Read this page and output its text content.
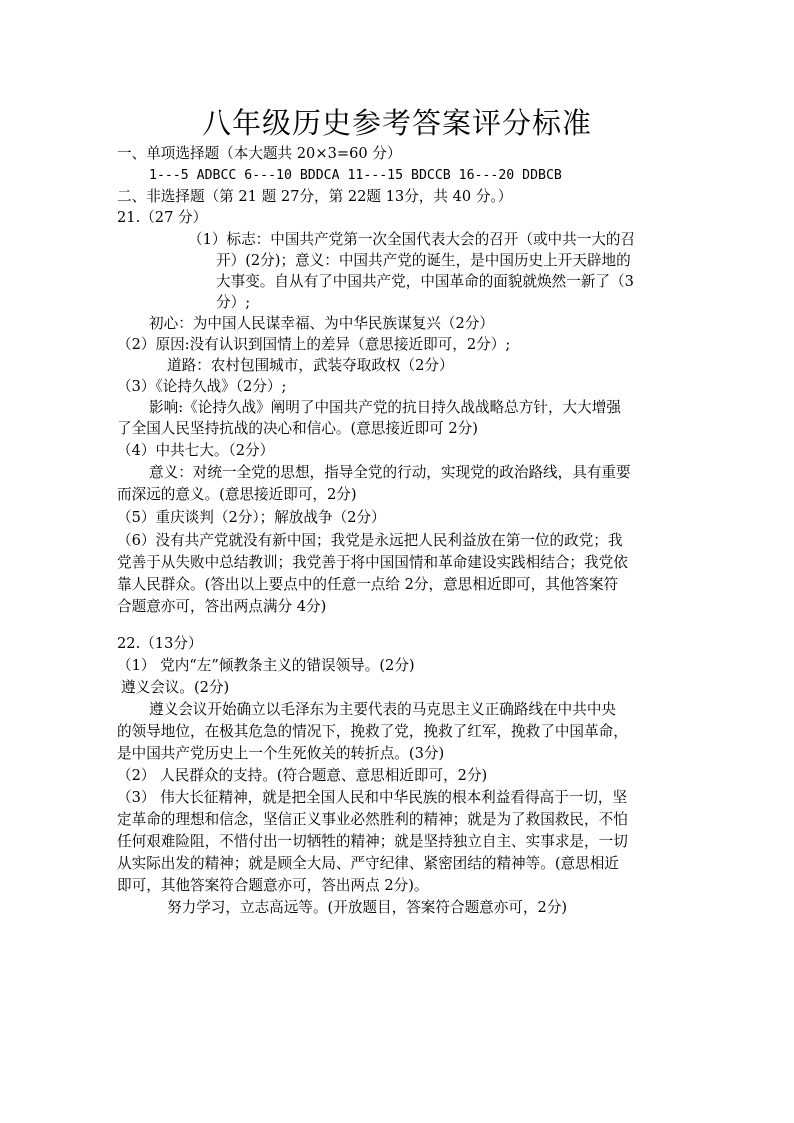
八年级历史参考答案评分标准
一、单项选择题（本大题共 20×3=60 分）
1---5 ADBCC 6---10 BDDCA 11---15 BDCCB 16---20 DDBCB
二、非选择题（第 21 题 27分，第 22题 13分，共 40 分。）
21.（27 分）
（1）标志：中国共产党第一次全国代表大会的召开（或中共一大的召
开）(2分)；意义：中国共产党的诞生，是中国历史上开天辟地的
大事变。自从有了中国共产党，中国革命的面貌就焕然一新了（3
分）;
初心：为中国人民谋幸福、为中华民族谋复兴（2分）
（2）原因:没有认识到国情上的差异（意思接近即可，2分）;
道路：农村包围城市，武装夺取政权（2分）
（3）《论持久战》（2分）;
影响:《论持久战》阐明了中国共产党的抗日持久战战略总方针，大大增强
了全国人民坚持抗战的决心和信心。(意思接近即可 2分)
（4）中共七大。（2分）
意义：对统一全党的思想，指导全党的行动，实现党的政治路线，具有重要
而深远的意义。(意思接近即可，2分)
（5）重庆谈判（2分）；解放战争（2分）
（6）没有共产党就没有新中国；我党是永远把人民利益放在第一位的政党；我
党善于从失败中总结教训；我党善于将中国国情和革命建设实践相结合；我党依
靠人民群众。(答出以上要点中的任意一点给 2分，意思相近即可，其他答案符
合题意亦可，答出两点满分 4分)
22.（13分）
（1） 党内“左”倾教条主义的错误领导。(2分)
遵义会议。(2分)
遵义会议开始确立以毛泽东为主要代表的马克思主义正确路线在中共中央
的领导地位，在极其危急的情况下，挽救了党，挽救了红军，挽救了中国革命，
是中国共产党历史上一个生死攸关的转折点。(3分)
（2） 人民群众的支持。(符合题意、意思相近即可，2分)
（3） 伟大长征精神，就是把全国人民和中华民族的根本利益看得高于一切，坚
定革命的理想和信念，坚信正义事业必然胜利的精神；就是为了救国救民，不怕
任何艰难险阻，不惜付出一切牺牲的精神；就是坚持独立自主、实事求是，一切
从实际出发的精神；就是顾全大局、严守纪律、紧密团结的精神等。(意思相近
即可，其他答案符合题意亦可，答出两点 2分)。
努力学习，立志高远等。(开放题目，答案符合题意亦可，2分)
